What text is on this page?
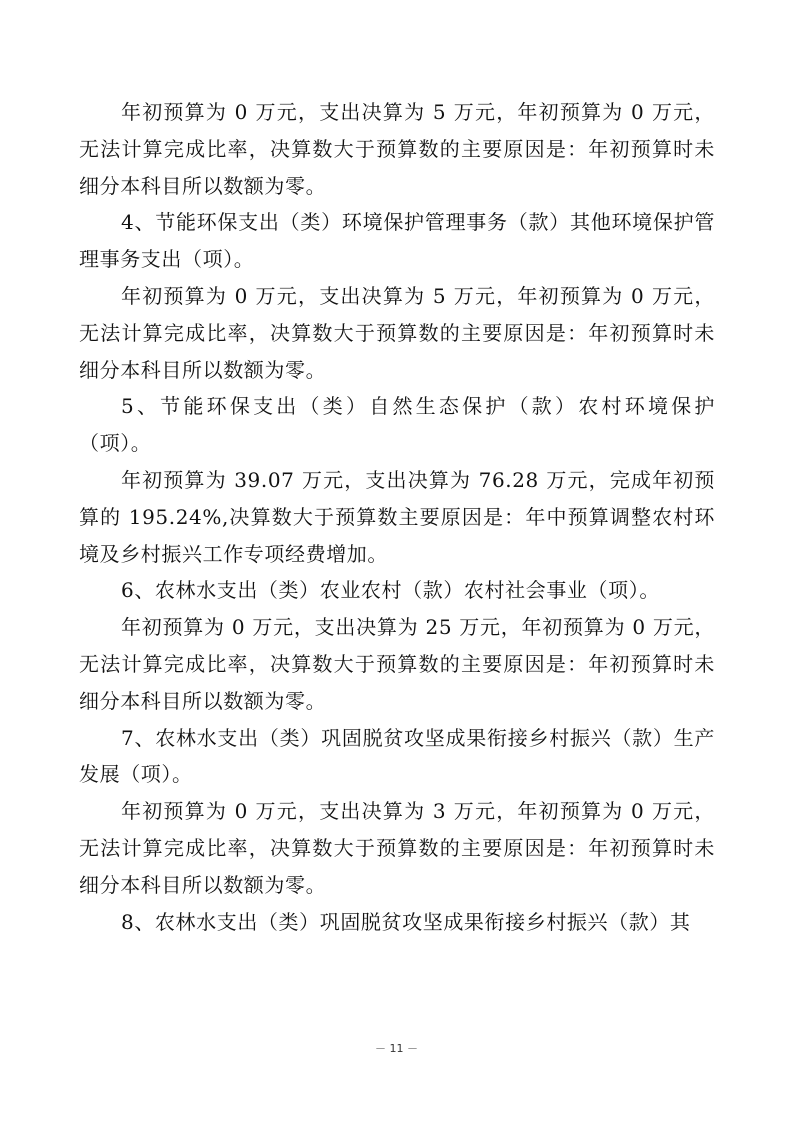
年初预算为 0 万元，支出决算为 5 万元，年初预算为 0 万元，无法计算完成比率，决算数大于预算数的主要原因是：年初预算时未细分本科目所以数额为零。

4、节能环保支出（类）环境保护管理事务（款）其他环境保护管理事务支出（项）。

年初预算为 0 万元，支出决算为 5 万元，年初预算为 0 万元，无法计算完成比率，决算数大于预算数的主要原因是：年初预算时未细分本科目所以数额为零。

5、节能环保支出（类）自然生态保护（款）农村环境保护（项）。

年初预算为 39.07 万元，支出决算为 76.28 万元，完成年初预算的 195.24%,决算数大于预算数主要原因是：年中预算调整农村环境及乡村振兴工作专项经费增加。

6、农林水支出（类）农业农村（款）农村社会事业（项）。

年初预算为 0 万元，支出决算为 25 万元，年初预算为 0 万元，无法计算完成比率，决算数大于预算数的主要原因是：年初预算时未细分本科目所以数额为零。

7、农林水支出（类）巩固脱贫攻坚成果衔接乡村振兴（款）生产发展（项）。

年初预算为 0 万元，支出决算为 3 万元，年初预算为 0 万元，无法计算完成比率，决算数大于预算数的主要原因是：年初预算时未细分本科目所以数额为零。

8、农林水支出（类）巩固脱贫攻坚成果衔接乡村振兴（款）其

－ 11 －
